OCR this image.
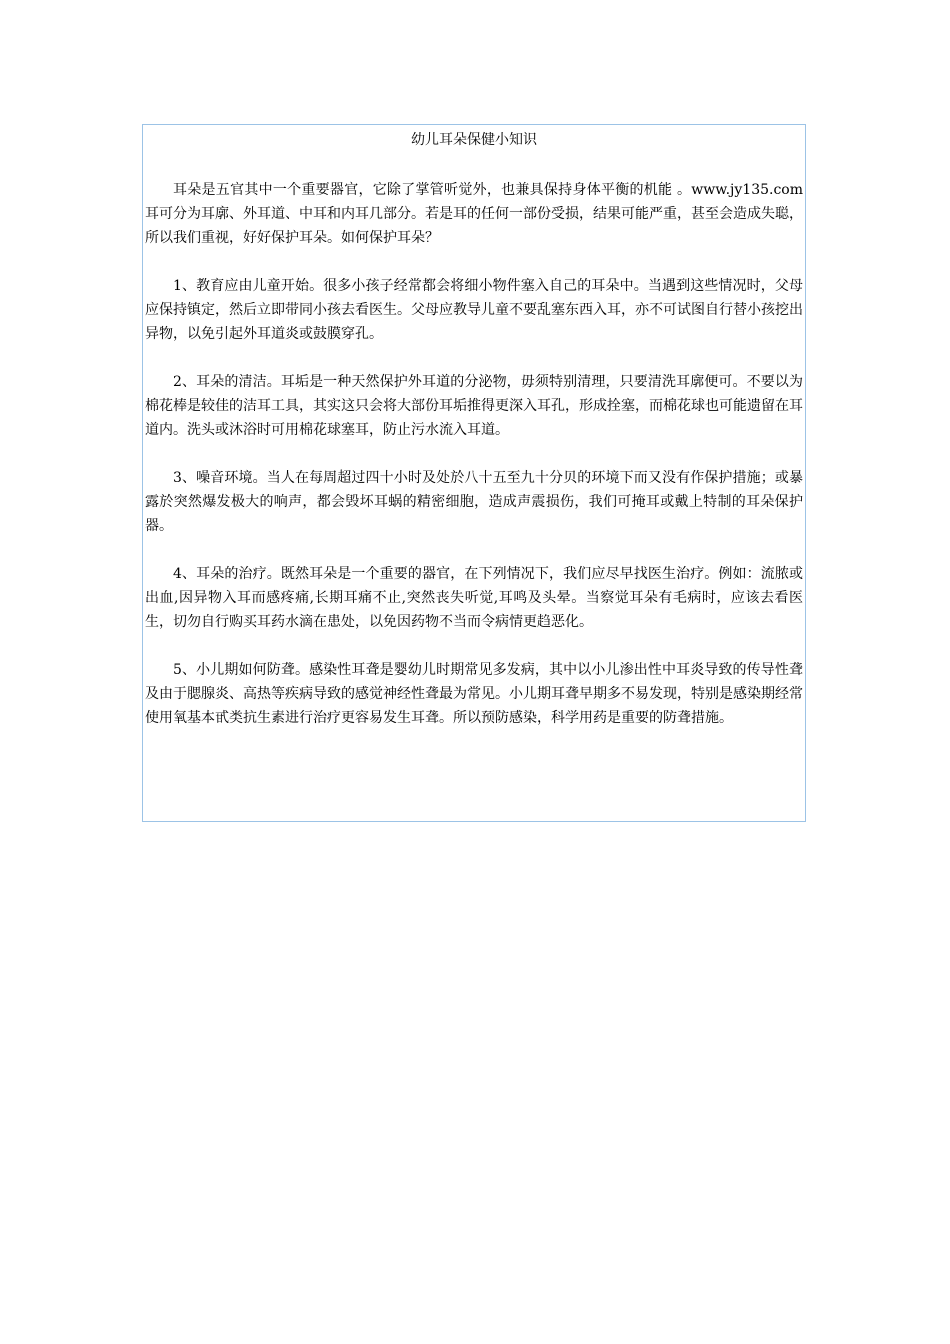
幼儿耳朵保健小知识

耳朵是五官其中一个重要器官，它除了掌管听觉外，也兼具保持身体平衡的机能 。www.jy135.com 耳可分为耳廓、外耳道、中耳和内耳几部分。若是耳的任何一部份受损，结果可能严重，甚至会造成失聪，所以我们重视，好好保护耳朵。如何保护耳朵？

1、教育应由儿童开始。很多小孩子经常都会将细小物件塞入自己的耳朵中。当遇到这些情况时，父母应保持镇定，然后立即带同小孩去看医生。父母应教导儿童不要乱塞东西入耳，亦不可试图自行替小孩挖出异物，以免引起外耳道炎或鼓膜穿孔。

2、耳朵的清洁。耳垢是一种天然保护外耳道的分泌物，毋须特别清理，只要清洗耳廓便可。不要以为棉花棒是较佳的洁耳工具，其实这只会将大部份耳垢推得更深入耳孔，形成拴塞，而棉花球也可能遗留在耳道内。洗头或沐浴时可用棉花球塞耳，防止污水流入耳道。

3、噪音环境。当人在每周超过四十小时及处於八十五至九十分贝的环境下而又没有作保护措施；或暴露於突然爆发极大的响声，都会毁坏耳蜗的精密细胞，造成声震损伤，我们可掩耳或戴上特制的耳朵保护器。

4、耳朵的治疗。既然耳朵是一个重要的器官，在下列情况下，我们应尽早找医生治疗。例如：流脓或出血,因异物入耳而感疼痛,长期耳痛不止,突然丧失听觉,耳鸣及头晕。当察觉耳朵有毛病时，应该去看医生，切勿自行购买耳药水滴在患处，以免因药物不当而令病情更趋恶化。

5、小儿期如何防聋。感染性耳聋是婴幼儿时期常见多发病，其中以小儿渗出性中耳炎导致的传导性聋及由于腮腺炎、高热等疾病导致的感觉神经性聋最为常见。小儿期耳聋早期多不易发现，特别是感染期经常使用氧基本甙类抗生素进行治疗更容易发生耳聋。所以预防感染，科学用药是重要的防聋措施。
